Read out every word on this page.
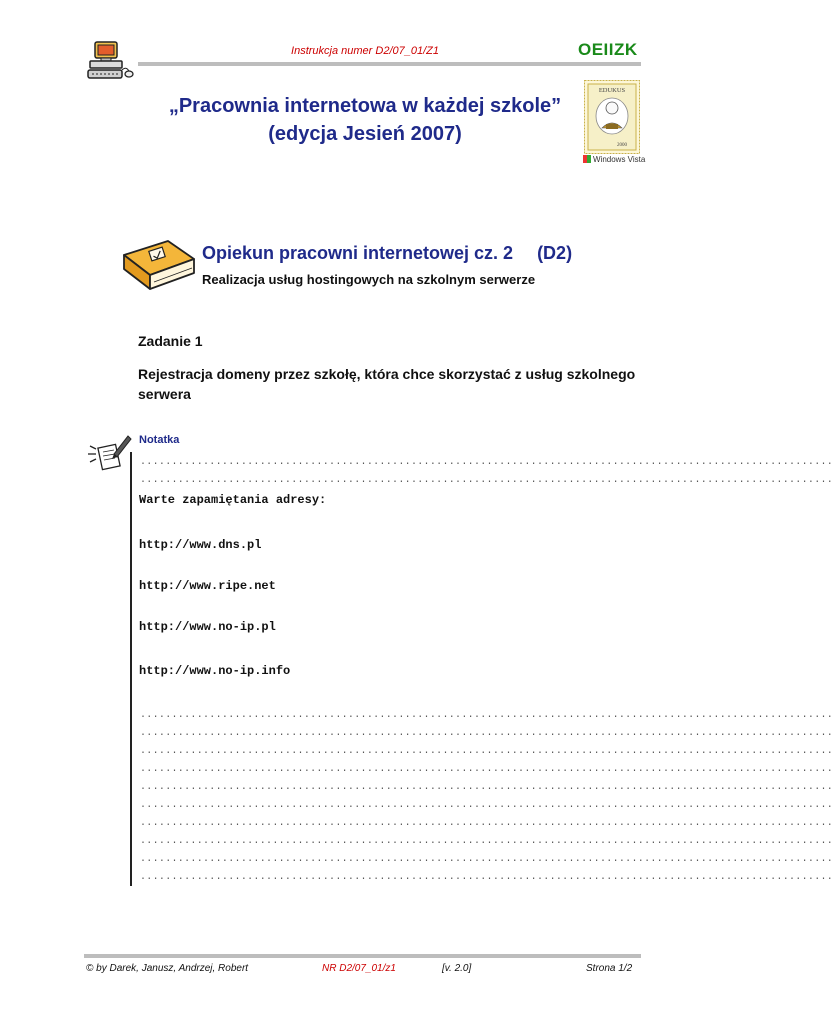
Instrukcja numer D2/07_01/Z1	OEIIZK
„Pracownia internetowa w każdej szkole”
(edycja Jesień 2007)
EDUKUS
2000
Windows Vista
Opiekun pracowni internetowej cz. 2 (D2)
Realizacja usług hostingowych na szkolnym serwerze
Zadanie 1
Rejestracja domeny przez szkołę, która chce skorzystać z usług szkolnego serwera
Notatka
..............................................................................................................
..............................................................................................................
Warte zapamiętania adresy:
http://www.dns.pl
http://www.ripe.net
http://www.no-ip.pl
http://www.no-ip.info
..............................................................................................................
..............................................................................................................
..............................................................................................................
..............................................................................................................
..............................................................................................................
..............................................................................................................
..............................................................................................................
..............................................................................................................
..............................................................................................................
..............................................................................................................
© by Darek, Janusz, Andrzej, Robert	NR D2/07_01/z1	[v. 2.0]	Strona 1/2
